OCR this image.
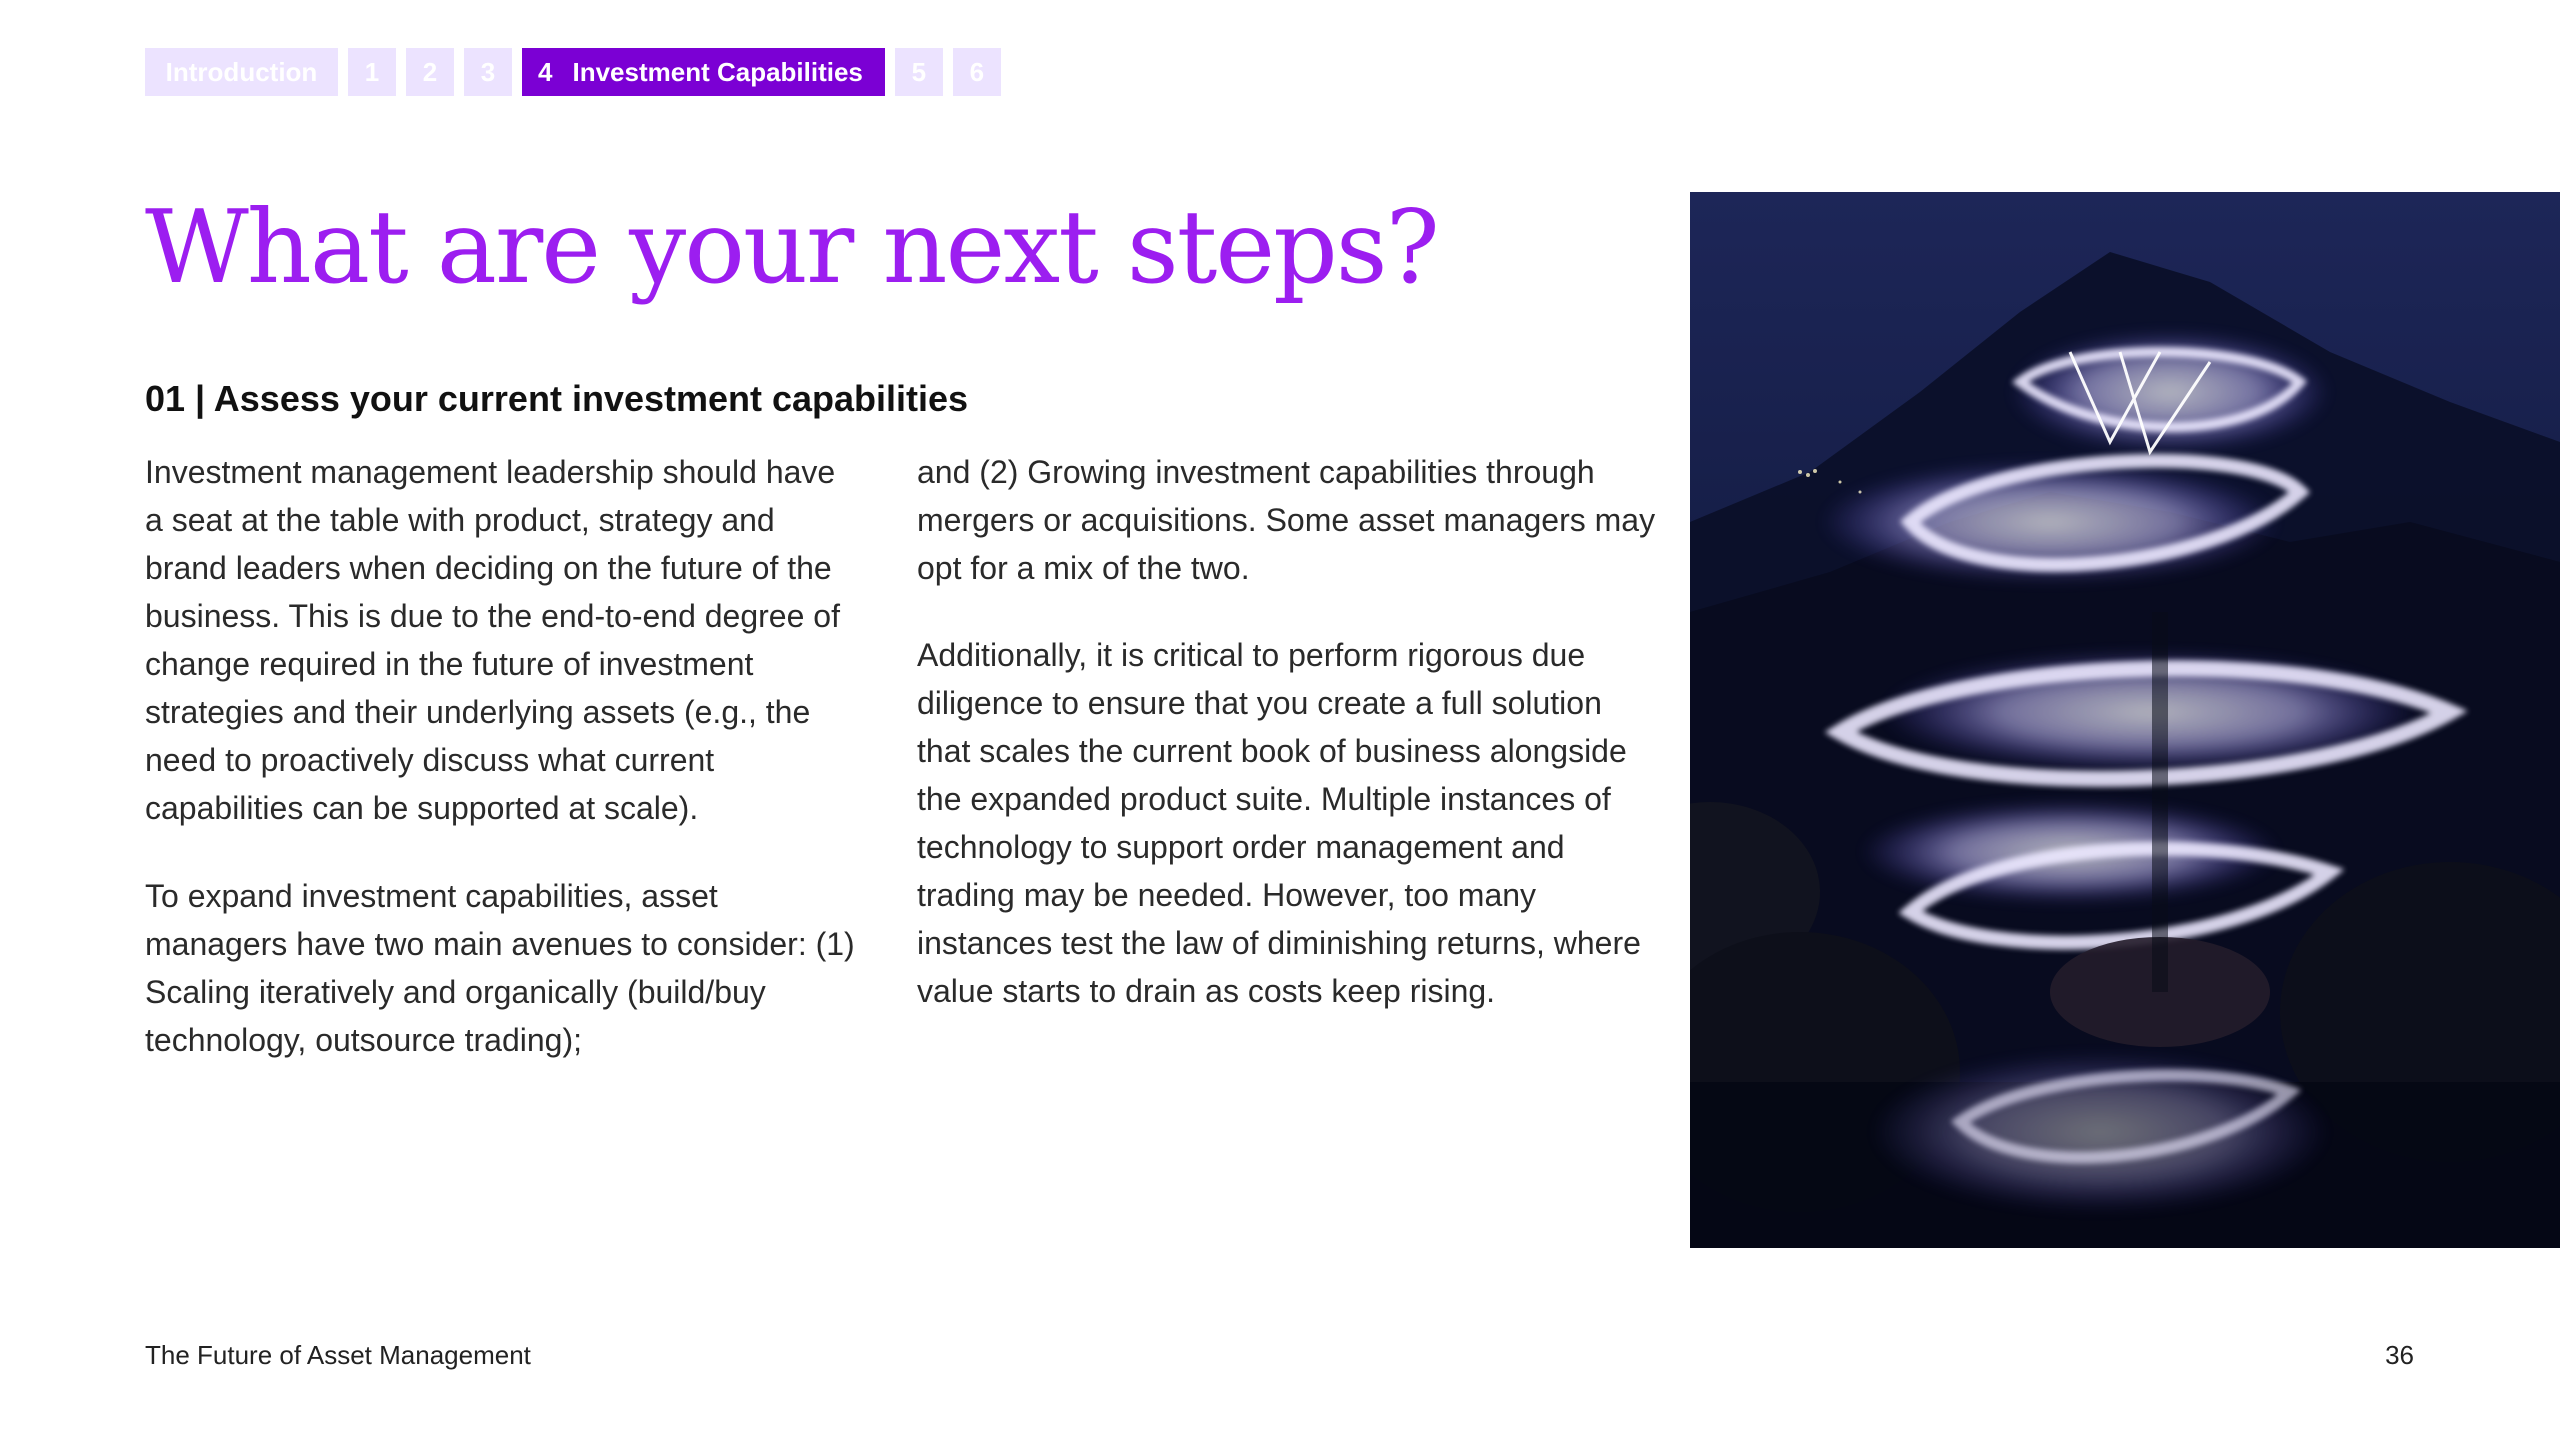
Introduction 1 2 3 4 Investment Capabilities 5 6
What are your next steps?
01 | Assess your current investment capabilities

Investment management leadership should have a seat at the table with product, strategy and brand leaders when deciding on the future of the business. This is due to the end-to-end degree of change required in the future of investment strategies and their underlying assets (e.g., the need to proactively discuss what current capabilities can be supported at scale).

To expand investment capabilities, asset managers have two main avenues to consider: (1) Scaling iteratively and organically (build/buy technology, outsource trading);

and (2) Growing investment capabilities through mergers or acquisitions. Some asset managers may opt for a mix of the two.

Additionally, it is critical to perform rigorous due diligence to ensure that you create a full solution that scales the current book of business alongside the expanded product suite. Multiple instances of technology to support order management and trading may be needed. However, too many instances test the law of diminishing returns, where value starts to drain as costs keep rising.

The Future of Asset Management	36
